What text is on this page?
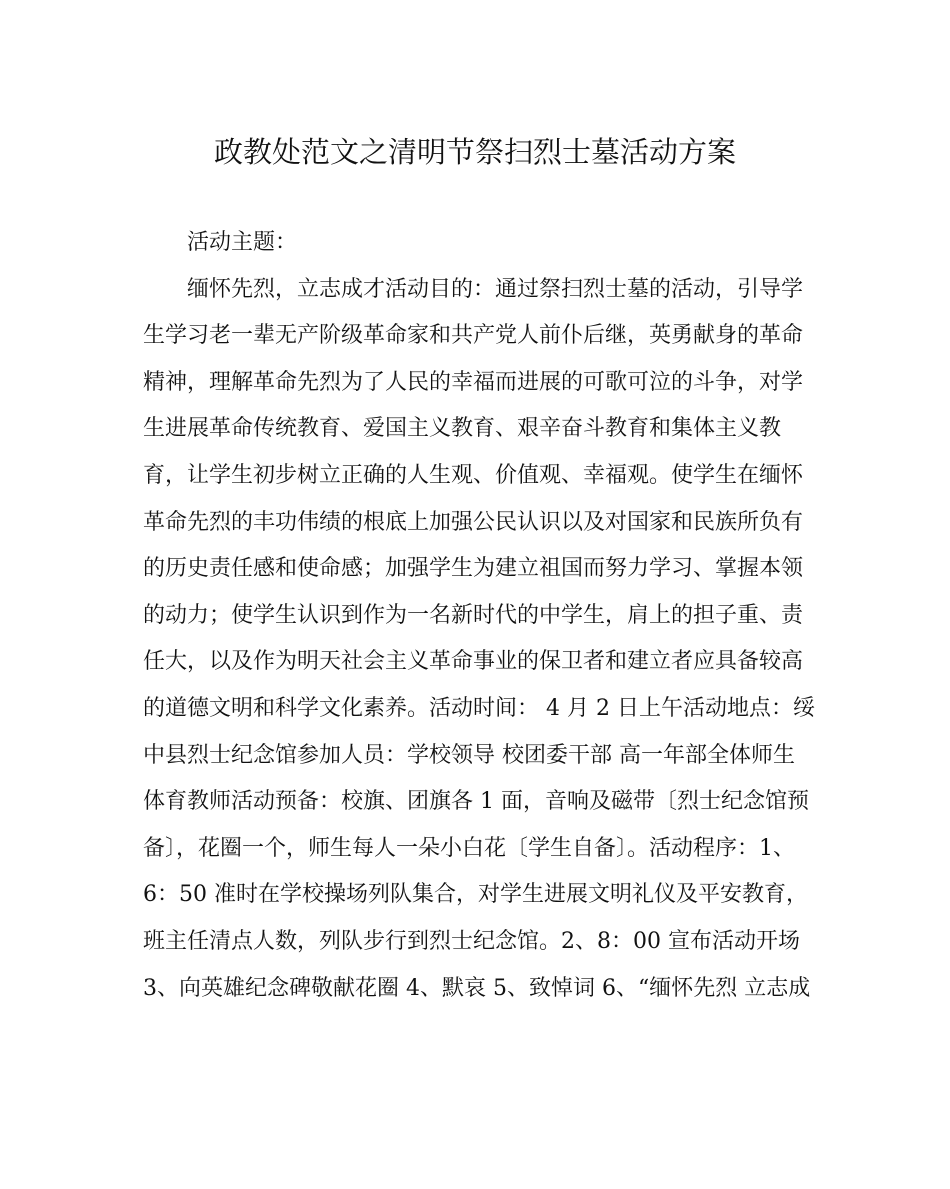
政教处范文之清明节祭扫烈士墓活动方案
活动主题：
缅怀先烈，立志成才活动目的：通过祭扫烈士墓的活动，引导学
生学习老一辈无产阶级革命家和共产党人前仆后继，英勇献身的革命
精神，理解革命先烈为了人民的幸福而进展的可歌可泣的斗争，对学
生进展革命传统教育、爱国主义教育、艰辛奋斗教育和集体主义教
育，让学生初步树立正确的人生观、价值观、幸福观。使学生在缅怀
革命先烈的丰功伟绩的根底上加强公民认识以及对国家和民族所负有
的历史责任感和使命感；加强学生为建立祖国而努力学习、掌握本领
的动力；使学生认识到作为一名新时代的中学生，肩上的担子重、责
任大，以及作为明天社会主义革命事业的保卫者和建立者应具备较高
的道德文明和科学文化素养。活动时间： 4 月 2 日上午活动地点：绥
中县烈士纪念馆参加人员：学校领导 校团委干部 高一年部全体师生
体育教师活动预备：校旗、团旗各 1 面，音响及磁带〔烈士纪念馆预
备〕，花圈一个，师生每人一朵小白花〔学生自备〕。活动程序：1、
6：50 准时在学校操场列队集合，对学生进展文明礼仪及平安教育，
班主任清点人数，列队步行到烈士纪念馆。2、8：00 宣布活动开场
3、向英雄纪念碑敬献花圈 4、默哀 5、致悼词 6、“缅怀先烈 立志成
